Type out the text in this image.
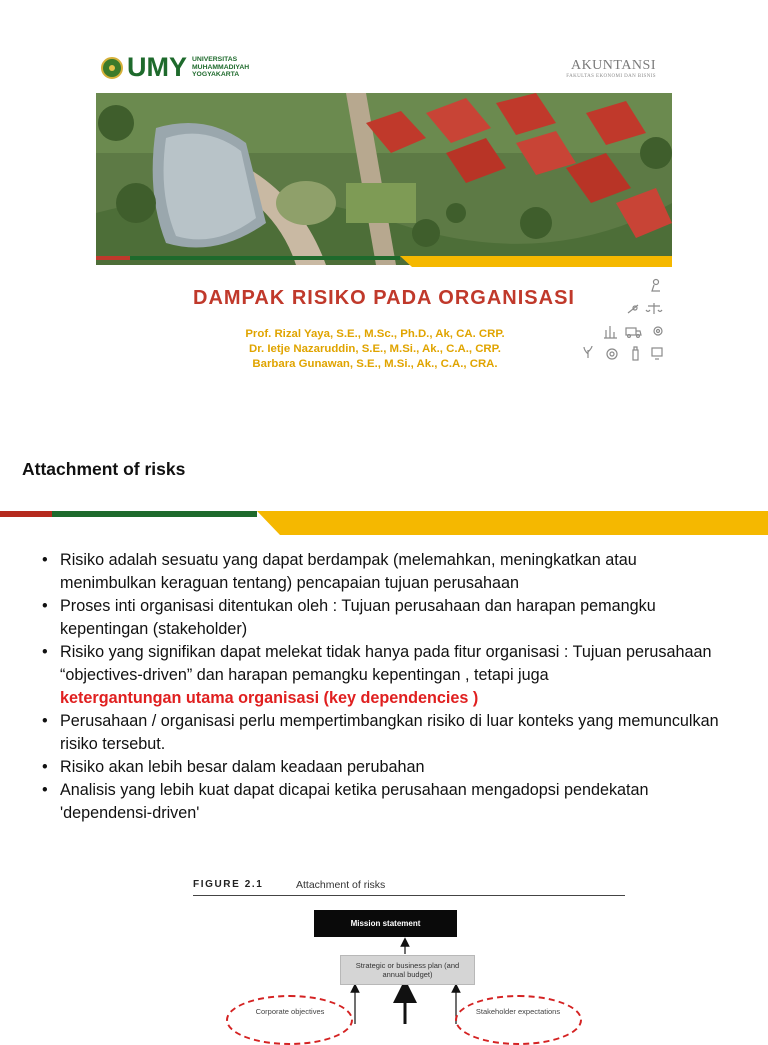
UMY UNIVERSITAS
MUHAMMADIYAH
YOGYAKARTA
AKUNTANSI
FAKULTAS EKONOMI DAN BISNIS
DAMPAK RISIKO PADA ORGANISASI
Prof. Rizal Yaya, S.E., M.Sc., Ph.D., Ak, CA. CRP.
Dr. Ietje Nazaruddin, S.E., M.Si., Ak., C.A., CRP.
Barbara Gunawan, S.E., M.Si., Ak., C.A., CRA.
Attachment of risks
• Risiko adalah sesuatu yang dapat berdampak (melemahkan, meningkatkan atau menimbulkan keraguan tentang) pencapaian tujuan perusahaan
• Proses inti organisasi ditentukan oleh : Tujuan perusahaan dan harapan pemangku kepentingan (stakeholder)
• Risiko yang signifikan dapat melekat tidak hanya pada fitur organisasi : Tujuan perusahaan “objectives-driven” dan harapan pemangku kepentingan , tetapi juga
ketergantungan utama organisasi (key dependencies )
• Perusahaan / organisasi perlu mempertimbangkan risiko di luar konteks yang memunculkan risiko tersebut.
• Risiko akan lebih besar dalam keadaan perubahan
• Analisis yang lebih kuat dapat dicapai ketika perusahaan mengadopsi pendekatan 'dependensi-driven'
FIGURE 2.1	Attachment of risks
Mission statement
Strategic or business plan (and annual budget)
Corporate objectives	Stakeholder expectations
